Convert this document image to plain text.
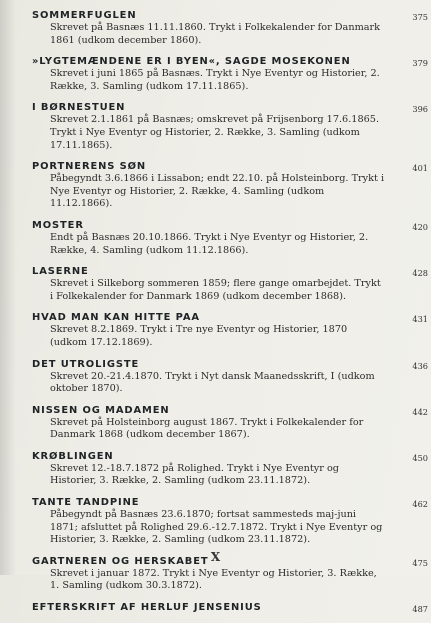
SOMMERFUGLEN
Skrevet på Basnæs 11.11.1860. Trykt i Folkekalender for Danmark 1861 (udkom december 1860).
375
»LYGTEMÆNDENE ER I BYEN«, SAGDE MOSEKONEN
Skrevet i juni 1865 på Basnæs. Trykt i Nye Eventyr og Historier, 2. Række, 3. Samling (udkom 17.11.1865).
379
I BØRNESTUEN
Skrevet 2.1.1861 på Basnæs; omskrevet på Frijsenborg 17.6.1865. Trykt i Nye Eventyr og Historier, 2. Række, 3. Samling (udkom 17.11.1865).
396
PORTNERENS SØN
Påbegyndt 3.6.1866 i Lissabon; endt 22.10. på Holsteinborg. Trykt i Nye Eventyr og Historier, 2. Række, 4. Samling (udkom 11.12.1866).
401
MOSTER
Endt på Basnæs 20.10.1866. Trykt i Nye Eventyr og Historier, 2. Række, 4. Samling (udkom 11.12.1866).
420
LASERNE
Skrevet i Silkeborg sommeren 1859; flere gange omarbejdet. Trykt i Folkekalender for Danmark 1869 (udkom december 1868).
428
HVAD MAN KAN HITTE PAA
Skrevet 8.2.1869. Trykt i Tre nye Eventyr og Historier, 1870 (udkom 17.12.1869).
431
DET UTROLIGSTE
Skrevet 20.-21.4.1870. Trykt i Nyt dansk Maanedsskrift, I (udkom oktober 1870).
436
NISSEN OG MADAMEN
Skrevet på Holsteinborg august 1867. Trykt i Folkekalender for Danmark 1868 (udkom december 1867).
442
KRØBLINGEN
Skrevet 12.-18.7.1872 på Rolighed. Trykt i Nye Eventyr og Historier, 3. Række, 2. Samling (udkom 23.11.1872).
450
TANTE TANDPINE
Påbegyndt på Basnæs 23.6.1870; fortsat sammesteds maj-juni 1871; afsluttet på Rolighed 29.6.-12.7.1872. Trykt i Nye Eventyr og Historier, 3. Række, 2. Samling (udkom 23.11.1872).
462
GARTNEREN OG HERSKABET
Skrevet i januar 1872. Trykt i Nye Eventyr og Historier, 3. Række, 1. Samling (udkom 30.3.1872).
475
EFTERSKRIFT AF HERLUF JENSENIUS	487
X
